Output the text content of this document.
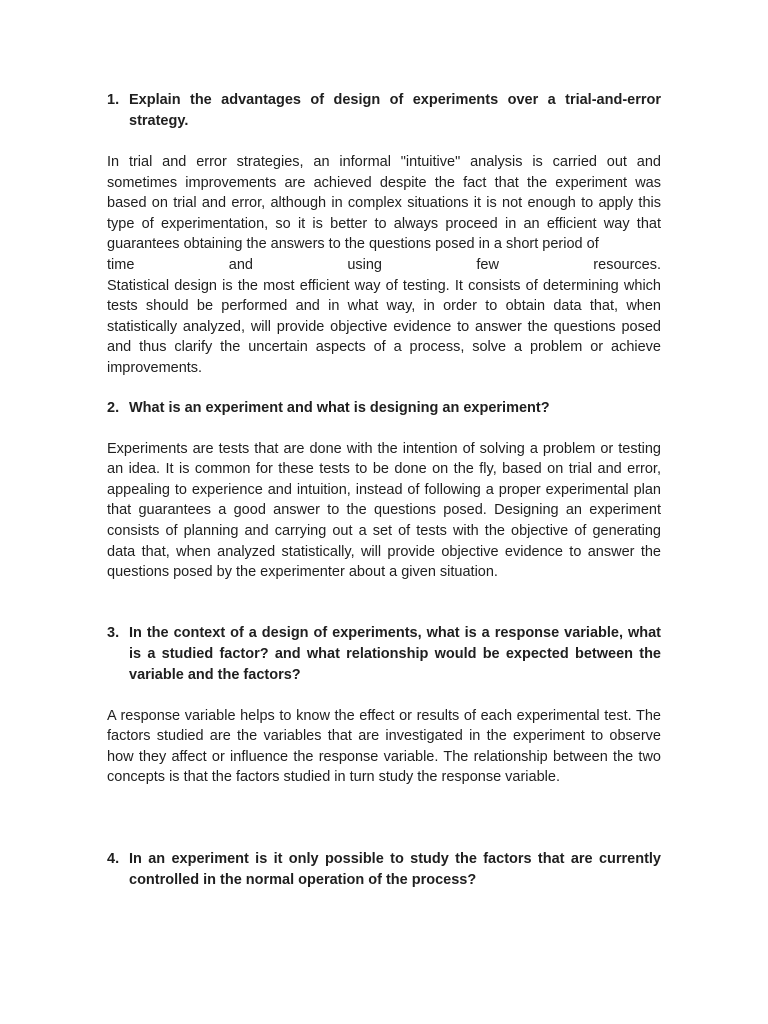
1. Explain the advantages of design of experiments over a trial-and-error strategy.

In trial and error strategies, an informal "intuitive" analysis is carried out and sometimes improvements are achieved despite the fact that the experiment was based on trial and error, although in complex situations it is not enough to apply this type of experimentation, so it is better to always proceed in an efficient way that guarantees obtaining the answers to the questions posed in a short period of
time and using few resources.
Statistical design is the most efficient way of testing. It consists of determining which tests should be performed and in what way, in order to obtain data that, when statistically analyzed, will provide objective evidence to answer the questions posed and thus clarify the uncertain aspects of a process, solve a problem or achieve improvements.

2. What is an experiment and what is designing an experiment?

Experiments are tests that are done with the intention of solving a problem or testing an idea. It is common for these tests to be done on the fly, based on trial and error, appealing to experience and intuition, instead of following a proper experimental plan that guarantees a good answer to the questions posed. Designing an experiment consists of planning and carrying out a set of tests with the objective of generating data that, when analyzed statistically, will provide objective evidence to answer the questions posed by the experimenter about a given situation.

3. In the context of a design of experiments, what is a response variable, what is a studied factor? and what relationship would be expected between the variable and the factors?

A response variable helps to know the effect or results of each experimental test. The factors studied are the variables that are investigated in the experiment to observe how they affect or influence the response variable. The relationship between the two concepts is that the factors studied in turn study the response variable.

4. In an experiment is it only possible to study the factors that are currently controlled in the normal operation of the process?
